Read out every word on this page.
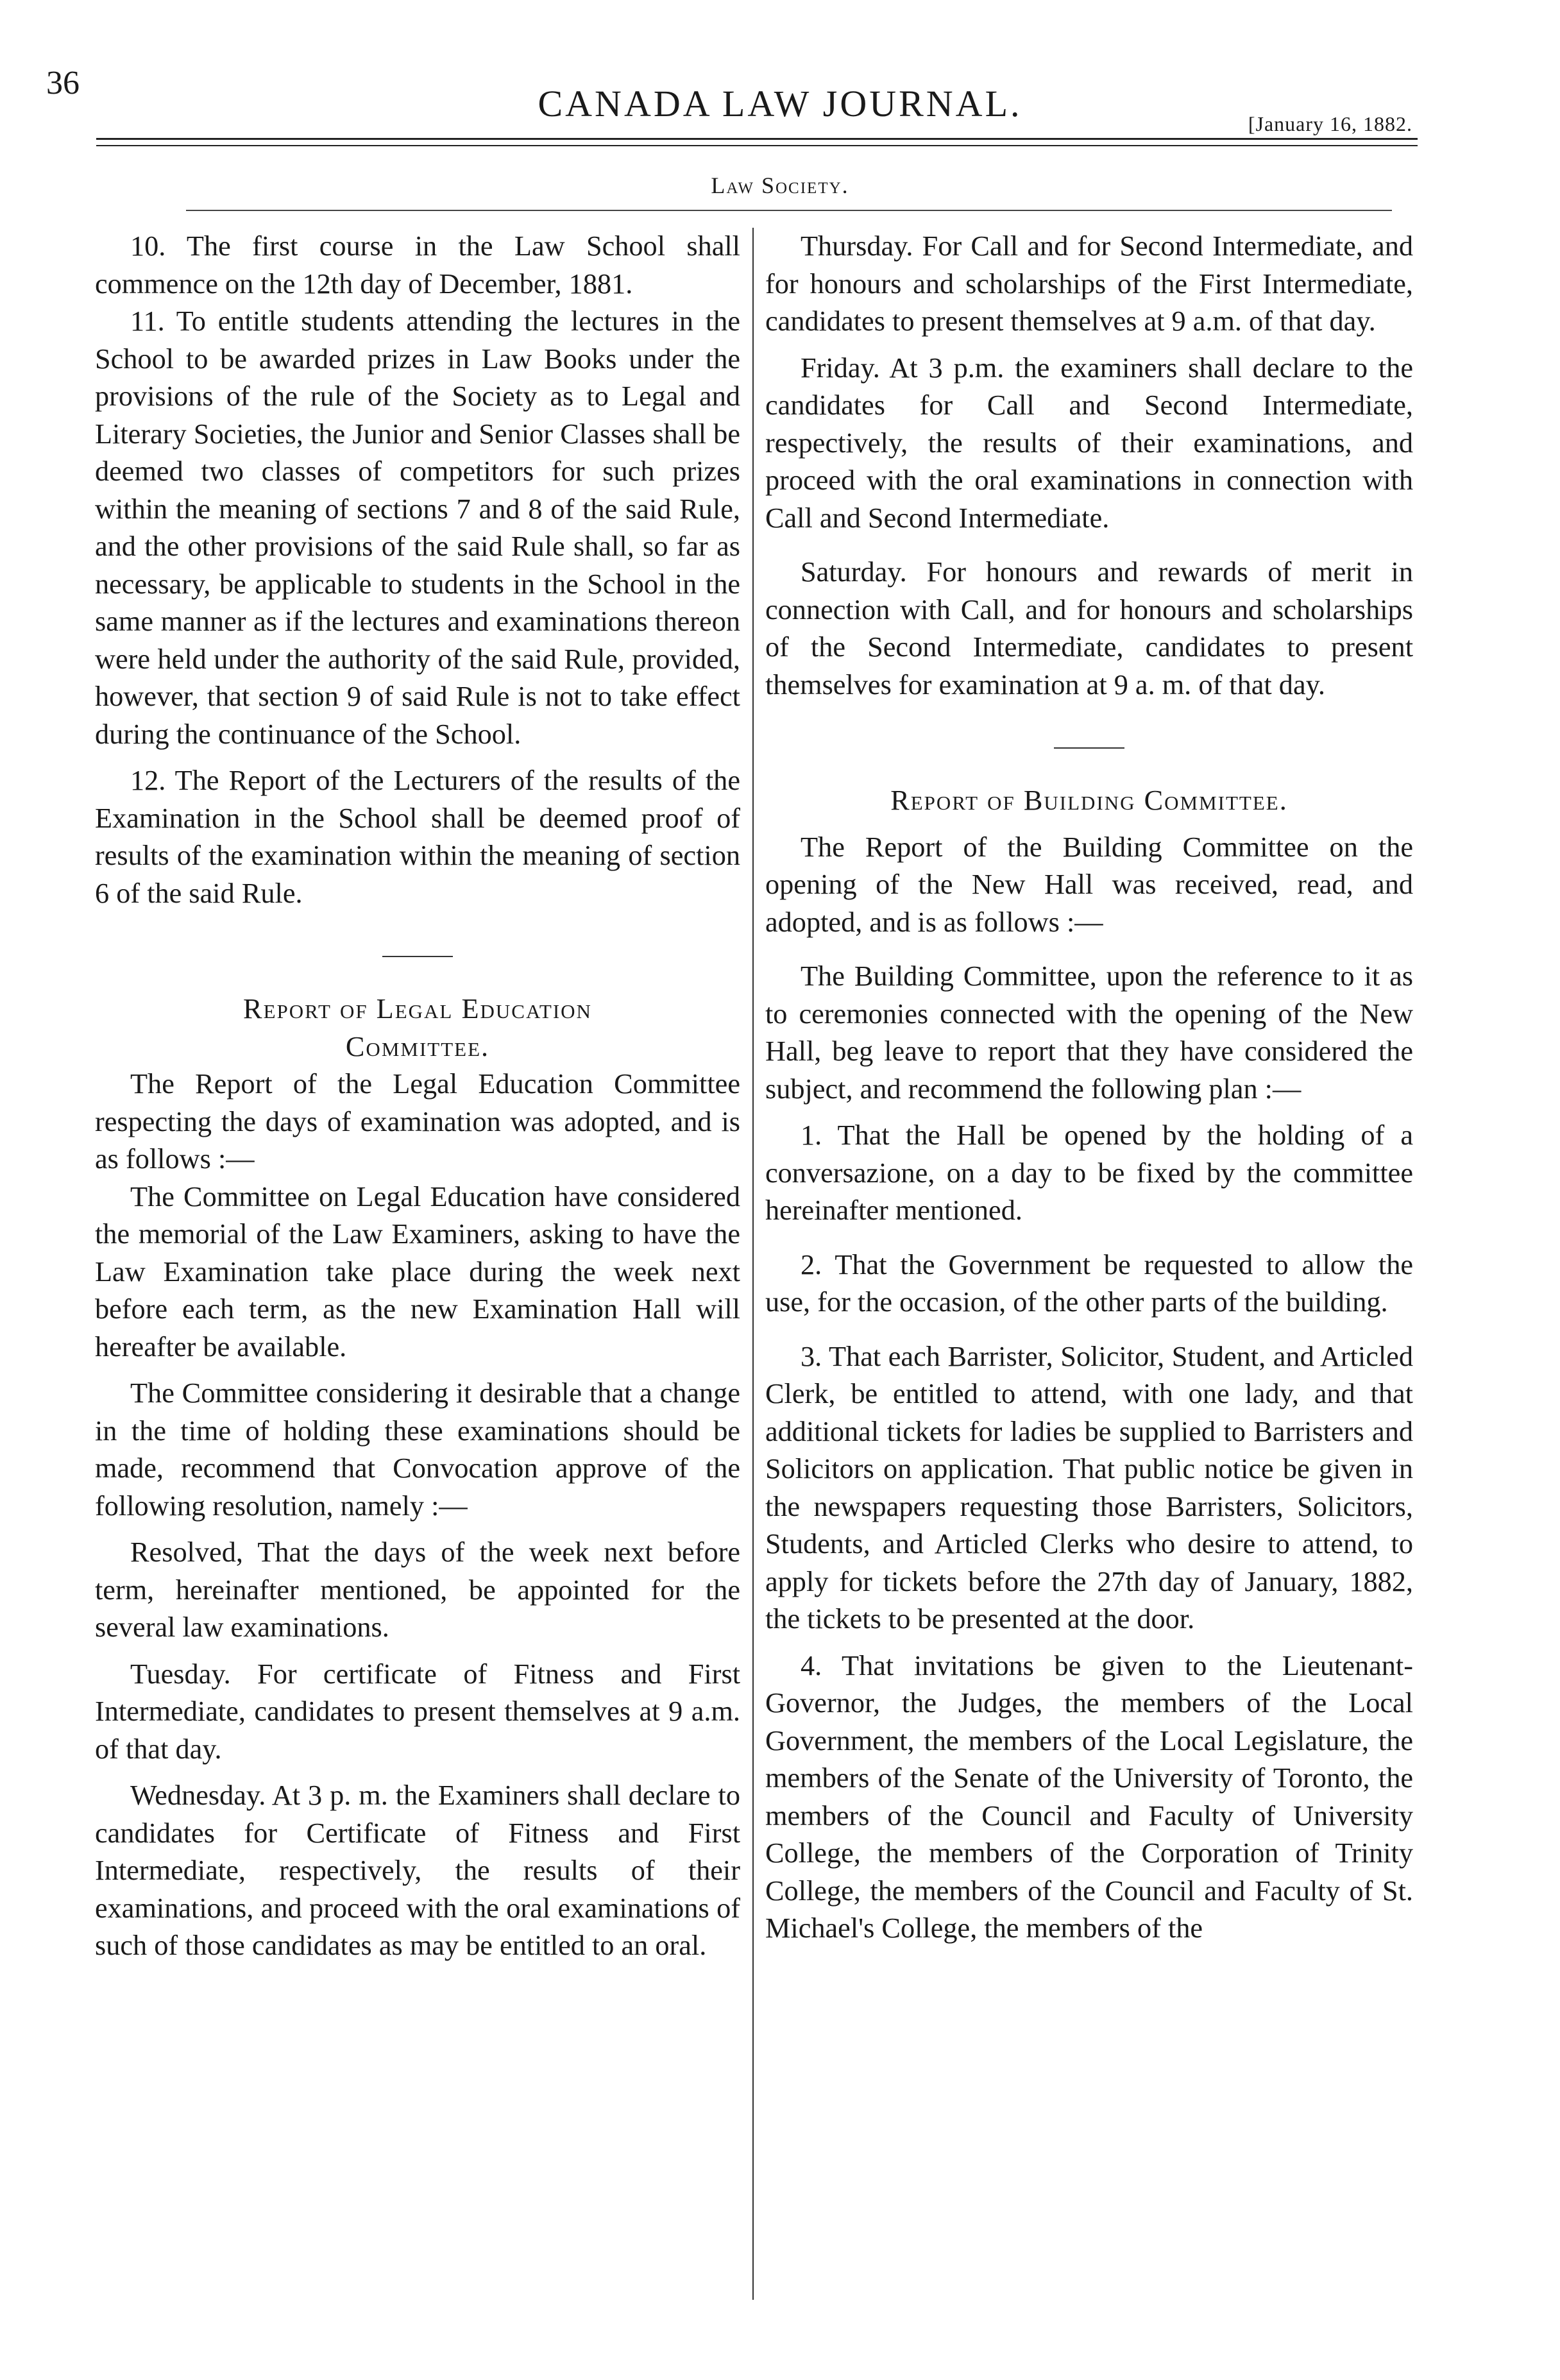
36	CANADA LAW JOURNAL.	[January 16, 1882.
Law Society.

10. The first course in the Law School shall commence on the 12th day of December, 1881.

11. To entitle students attending the lectures in the School to be awarded prizes in Law Books under the provisions of the rule of the Society as to Legal and Literary Societies, the Junior and Senior Classes shall be deemed two classes of competitors for such prizes within the meaning of sections 7 and 8 of the said Rule, and the other provisions of the said Rule shall, so far as necessary, be applicable to students in the School in the same manner as if the lectures and examinations thereon were held under the authority of the said Rule, provided, however, that section 9 of said Rule is not to take effect during the continuance of the School.

12. The Report of the Lecturers of the results of the Examination in the School shall be deemed proof of results of the examination within the meaning of section 6 of the said Rule.

Report of Legal Education
Committee.

The Report of the Legal Education Committee respecting the days of examination was adopted, and is as follows :—

The Committee on Legal Education have considered the memorial of the Law Examiners, asking to have the Law Examination take place during the week next before each term, as the new Examination Hall will hereafter be available.

The Committee considering it desirable that a change in the time of holding these examinations should be made, recommend that Convocation approve of the following resolution, namely :—

Resolved, That the days of the week next before term, hereinafter mentioned, be appointed for the several law examinations.

Tuesday. For certificate of Fitness and First Intermediate, candidates to present themselves at 9 a.m. of that day.

Wednesday. At 3 p. m. the Examiners shall declare to candidates for Certificate of Fitness and First Intermediate, respectively, the results of their examinations, and proceed with the oral examinations of such of those candidates as may be entitled to an oral.

Thursday. For Call and for Second Intermediate, and for honours and scholarships of the First Intermediate, candidates to present themselves at 9 a.m. of that day.

Friday. At 3 p.m. the examiners shall declare to the candidates for Call and Second Intermediate, respectively, the results of their examinations, and proceed with the oral examinations in connection with Call and Second Intermediate.

Saturday. For honours and rewards of merit in connection with Call, and for honours and scholarships of the Second Intermediate, candidates to present themselves for examination at 9 a. m. of that day.

Report of Building Committee.

The Report of the Building Committee on the opening of the New Hall was received, read, and adopted, and is as follows :—

The Building Committee, upon the reference to it as to ceremonies connected with the opening of the New Hall, beg leave to report that they have considered the subject, and recommend the following plan :—

1. That the Hall be opened by the holding of a conversazione, on a day to be fixed by the committee hereinafter mentioned.

2. That the Government be requested to allow the use, for the occasion, of the other parts of the building.

3. That each Barrister, Solicitor, Student, and Articled Clerk, be entitled to attend, with one lady, and that additional tickets for ladies be supplied to Barristers and Solicitors on application. That public notice be given in the newspapers requesting those Barristers, Solicitors, Students, and Articled Clerks who desire to attend, to apply for tickets before the 27th day of January, 1882, the tickets to be presented at the door.

4. That invitations be given to the Lieutenant-Governor, the Judges, the members of the Local Government, the members of the Local Legislature, the members of the Senate of the University of Toronto, the members of the Council and Faculty of University College, the members of the Corporation of Trinity College, the members of the Council and Faculty of St. Michael's College, the members of the
